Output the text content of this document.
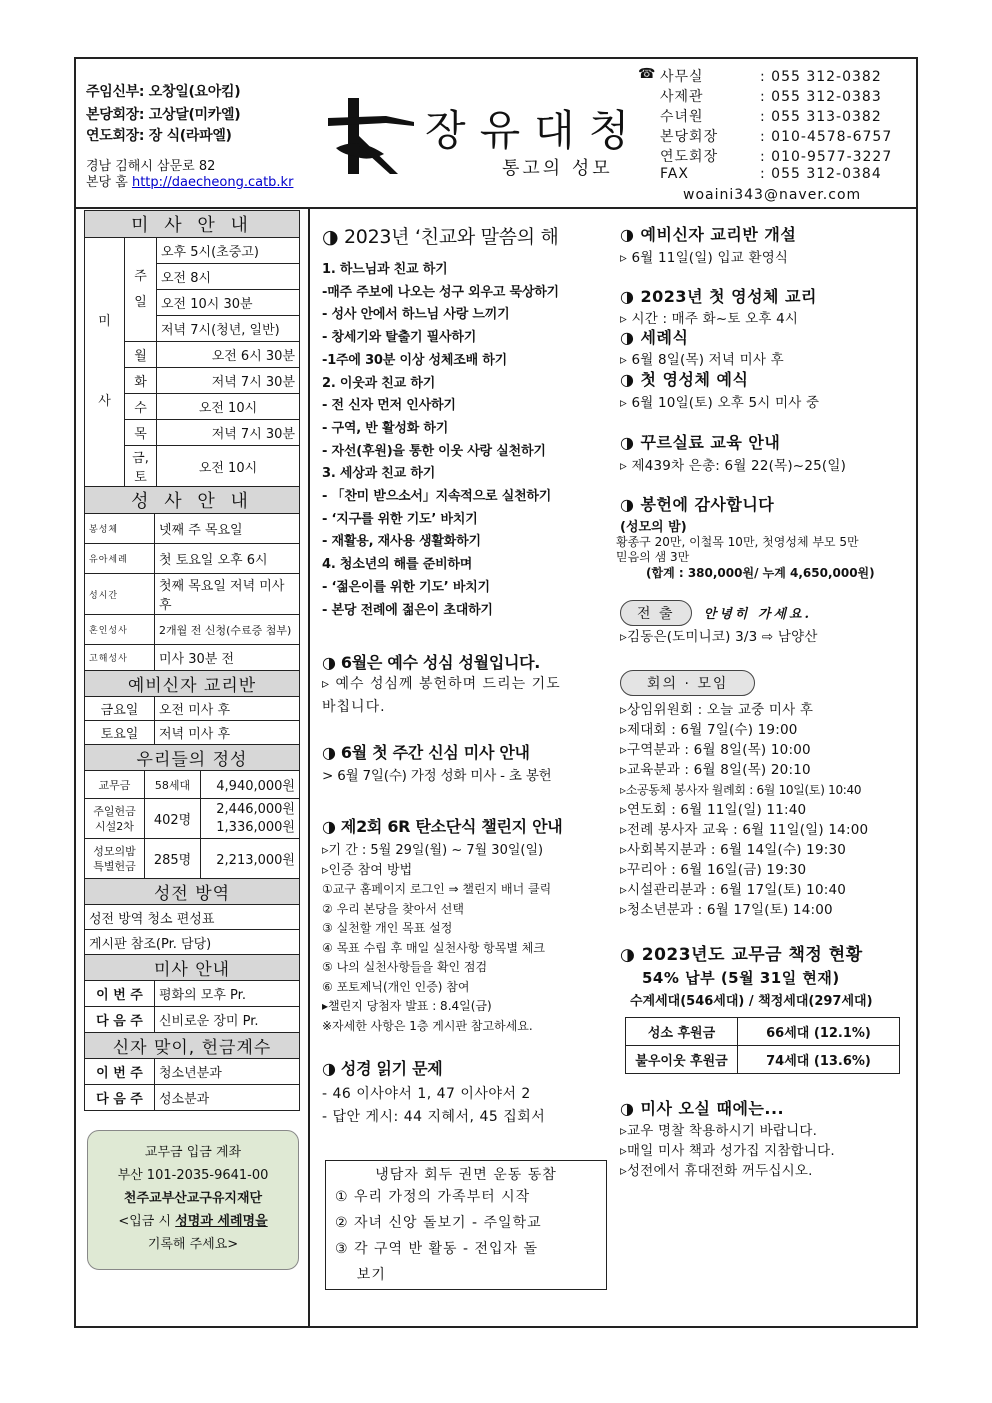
주임신부: 오창일(요아킴)
본당회장: 고상달(미카엘)
연도회장: 장 식(라파엘)
경남 김해시 삼문로 82
본당 홈 http://daecheong.catb.kr
장유대청
통고의 성모
☎ 사무실	: 055 312-0382
사제관	: 055 312-0383
수녀원	: 055 313-0382
본당회장	: 010-4578-6757
연도회장	: 010-9577-3227
FAX	: 055 312-0384
woaini343@naver.com
미 사 안 내		
미
사	주
일	오후 5시(초중고)
		오전 8시
		오전 10시 30분
		저녁 7시(청년, 일반)
	월	오전 6시 30분
	화	저녁 7시 30분
	수	오전 10시
	목	저녁 7시 30분
	금, 토	오전 10시
성 사 안 내	
봉성체	넷째 주 목요일
유아세례	첫 토요일 오후 6시
성시간	첫째 목요일 저녁 미사 후
혼인성사	2개월 전 신청(수료증 첨부)
고해성사	미사 30분 전
예비신자 교리반	
금요일	오전 미사 후
토요일	저녁 미사 후
우리들의 정성		
교무금	58세대	4,940,000원
주일헌금
시설2차	402명	2,446,000원
1,336,000원
성모의밤
특별헌금	285명	2,213,000원
성전 방역
성전 방역 청소 편성표
게시판 참조(Pr. 담당)
미사 안내	
이 번 주	평화의 모후 Pr.
다 음 주	신비로운 장미 Pr.
신자 맞이, 헌금계수	
이 번 주	청소년분과
다 음 주	성소분과
교무금 입금 계좌
부산 101-2035-9641-00
천주교부산교구유지재단
<입금 시 성명과 세례명을
기록해 주세요>
◑ 2023년 ‘친교와 말씀의 해
1. 하느님과 친교 하기
-매주 주보에 나오는 성구 외우고 묵상하기
- 성사 안에서 하느님 사랑 느끼기
- 창세기와 탈출기 필사하기
-1주에 30분 이상 성체조배 하기
2. 이웃과 친교 하기
- 전 신자 먼저 인사하기
- 구역, 반 활성화 하기
- 자선(후원)을 통한 이웃 사랑 실천하기
3. 세상과 친교 하기
- 「찬미 받으소서」지속적으로 실천하기
- ‘지구를 위한 기도’ 바치기
- 재활용, 재사용 생활화하기
4. 청소년의 해를 준비하며
- ‘젊은이를 위한 기도’ 바치기
- 본당 전례에 젊은이 초대하기
◑ 6월은 예수 성심 성월입니다.
▹ 예수 성심께 봉헌하며 드리는 기도
바칩니다.
◑ 6월 첫 주간 신심 미사 안내
> 6월 7일(수) 가정 성화 미사 - 초 봉헌
◑ 제2회 6R 탄소단식 챌린지 안내
▹기 간 : 5월 29일(월) ~ 7월 30일(일)
▹인증 참여 방법
①교구 홈페이지 로그인 ⇒ 챌린지 배너 클릭
② 우리 본당을 찾아서 선택
③ 실천할 개인 목표 설정
④ 목표 수립 후 매일 실천사항 항목별 체크
⑤ 나의 실천사항들을 확인 점검
⑥ 포토제닉(개인 인증) 참여
▸챌린지 당첨자 발표 : 8.4일(금)
※자세한 사항은 1층 게시판 참고하세요.
◑ 성경 읽기 문제
- 46 이사야서 1, 47 이사야서 2
- 답안 게시: 44 지혜서, 45 집회서
냉담자 회두 권면 운동 동참
① 우리 가정의 가족부터 시작
② 자녀 신앙 돌보기 - 주일학교
③ 각 구역 반 활동 - 전입자 돌
보기
◑ 예비신자 교리반 개설
▹ 6월 11일(일) 입교 환영식
◑ 2023년 첫 영성체 교리
▹ 시간 : 매주 화~토 오후 4시
◑ 세례식
▹ 6월 8일(목) 저녁 미사 후
◑ 첫 영성체 예식
▹ 6월 10일(토) 오후 5시 미사 중
◑ 꾸르실료 교육 안내
▹ 제439차 은총: 6월 22(목)~25(일)
◑ 봉헌에 감사합니다
(성모의 밤)
황종구 20만, 이철목 10만, 첫영성체 부모 5만
믿음의 샘 3만
(합계 : 380,000원/ 누계 4,650,000원)
전 출 안녕히 가세요.
▹김동은(도미니코) 3/3 ⇨ 남양산
회의 · 모임
▹상임위원회 : 오늘 교중 미사 후
▹제대회 : 6월 7일(수) 19:00
▹구역분과 : 6월 8일(목) 10:00
▹교육분과 : 6월 8일(목) 20:10
▹소공동체 봉사자 월례회 : 6월 10일(토) 10:40
▹연도회 : 6월 11일(일) 11:40
▹전례 봉사자 교육 : 6월 11일(일) 14:00
▹사회복지분과 : 6월 14일(수) 19:30
▹꾸리아 : 6월 16일(금) 19:30
▹시설관리분과 : 6월 17일(토) 10:40
▹청소년분과 : 6월 17일(토) 14:00
◑ 2023년도 교무금 책정 현황
54% 납부 (5월 31일 현재)
수계세대(546세대) / 책정세대(297세대)
성소 후원금	66세대 (12.1%)
불우이웃 후원금	74세대 (13.6%)
◑ 미사 오실 때에는...
▹교우 명찰 착용하시기 바랍니다.
▹매일 미사 책과 성가집 지참합니다.
▹성전에서 휴대전화 꺼두십시오.
